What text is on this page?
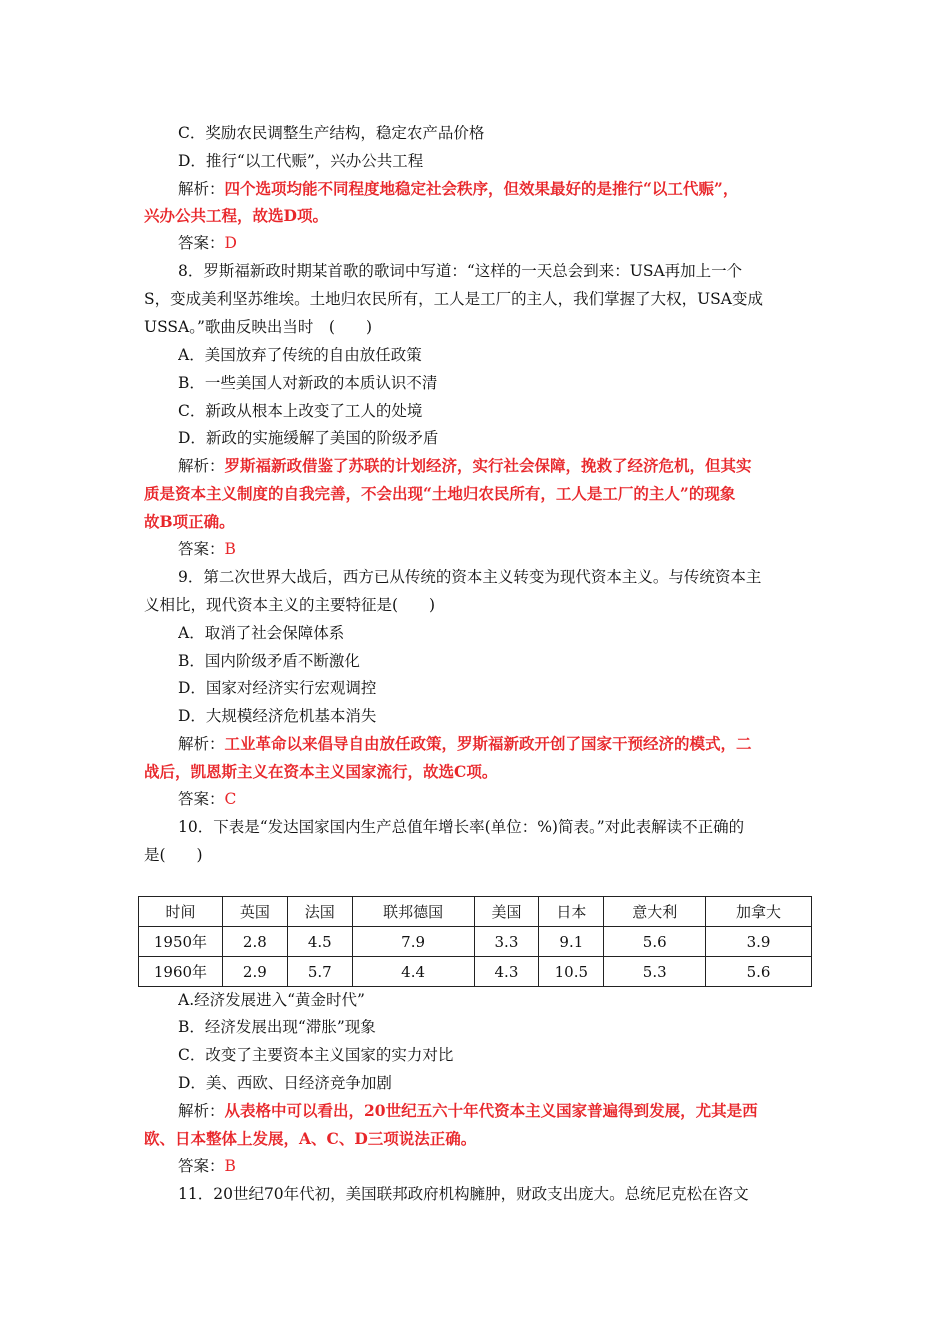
C．奖励农民调整生产结构，稳定农产品价格
D．推行“以工代赈”，兴办公共工程
解析：四个选项均能不同程度地稳定社会秩序，但效果最好的是推行“以工代赈”，
兴办公共工程，故选D项。
答案：D
8．罗斯福新政时期某首歌的歌词中写道：“这样的一天总会到来：USA再加上一个
S，变成美利坚苏维埃。土地归农民所有，工人是工厂的主人，我们掌握了大权，USA变成
USSA。”歌曲反映出当时　(　　)
A．美国放弃了传统的自由放任政策
B．一些美国人对新政的本质认识不清
C．新政从根本上改变了工人的处境
D．新政的实施缓解了美国的阶级矛盾
解析：罗斯福新政借鉴了苏联的计划经济，实行社会保障，挽救了经济危机，但其实
质是资本主义制度的自我完善，不会出现“土地归农民所有，工人是工厂的主人”的现象
故B项正确。
答案：B
9．第二次世界大战后，西方已从传统的资本主义转变为现代资本主义。与传统资本主
义相比，现代资本主义的主要特征是(　　)
A．取消了社会保障体系
B．国内阶级矛盾不断激化
D．国家对经济实行宏观调控
D．大规模经济危机基本消失
解析：工业革命以来倡导自由放任政策，罗斯福新政开创了国家干预经济的模式，二
战后，凯恩斯主义在资本主义国家流行，故选C项。
答案：C
10．下表是“发达国家国内生产总值年增长率(单位：%)简表。”对此表解读不正确的
是(　　)
时间	英国	法国	联邦德国	美国	日本	意大利	加拿大
1950年	2.8	4.5	7.9	3.3	9.1	5.6	3.9
1960年	2.9	5.7	4.4	4.3	10.5	5.3	5.6
A.经济发展进入“黄金时代”
B．经济发展出现“滞胀”现象
C．改变了主要资本主义国家的实力对比
D．美、西欧、日经济竞争加剧
解析：从表格中可以看出，20世纪五六十年代资本主义国家普遍得到发展，尤其是西
欧、日本整体上发展，A、C、D三项说法正确。
答案：B
11．20世纪70年代初，美国联邦政府机构臃肿，财政支出庞大。总统尼克松在咨文
